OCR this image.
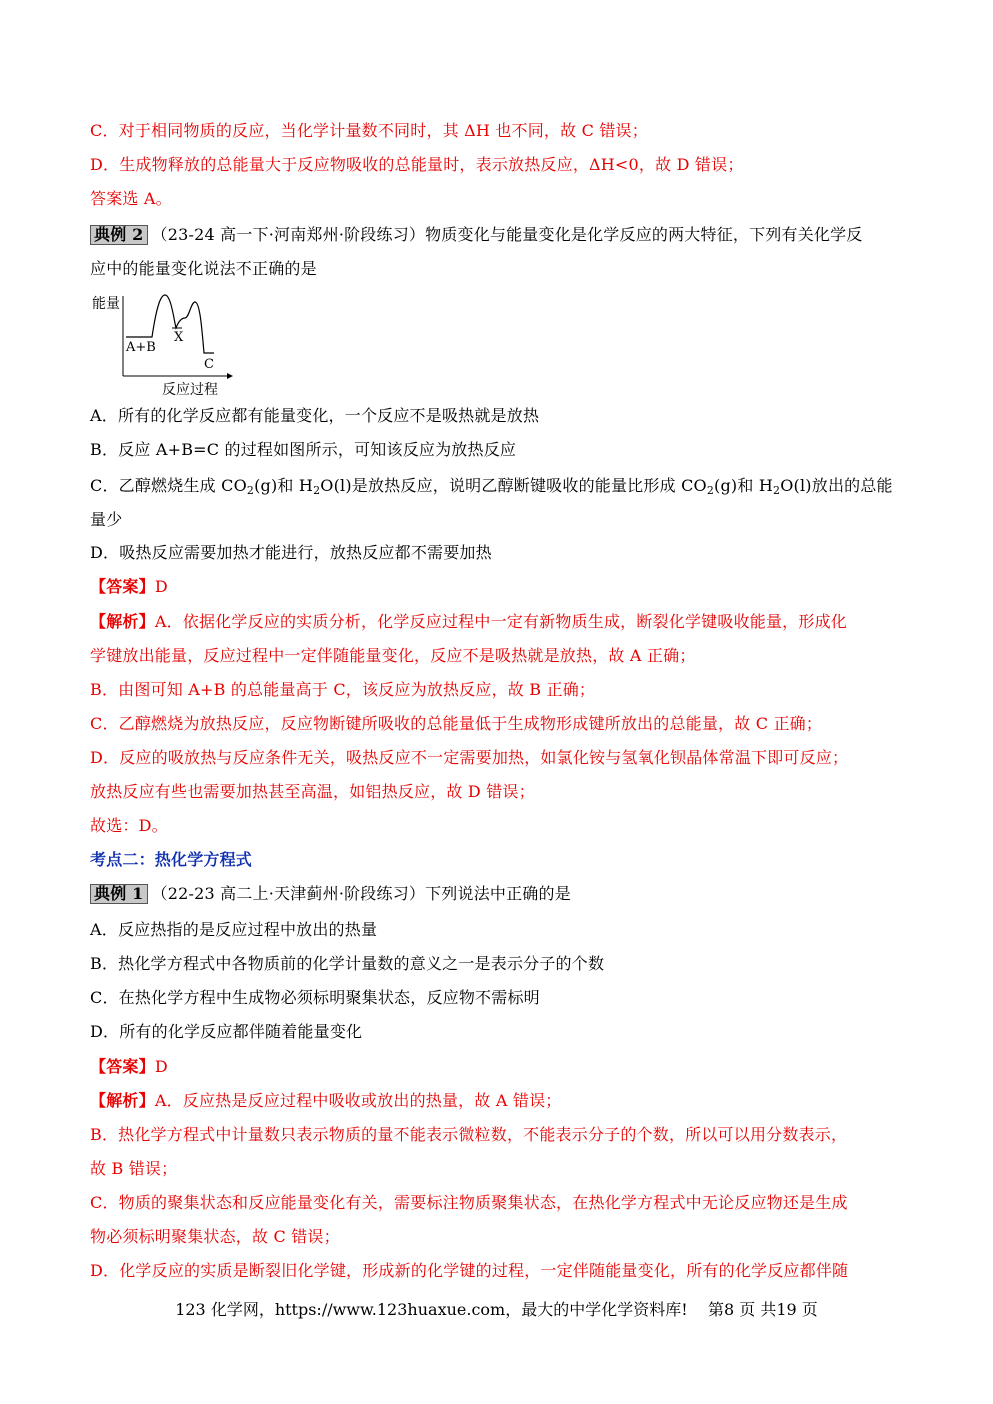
C．对于相同物质的反应，当化学计量数不同时，其 ΔH 也不同，故 C 错误；
D．生成物释放的总能量大于反应物吸收的总能量时，表示放热反应，ΔH<0，故 D 错误；
答案选 A。
典例 2 （23-24 高一下·河南郑州·阶段练习）物质变化与能量变化是化学反应的两大特征，下列有关化学反
应中的能量变化说法不正确的是
能量
A+B
X
C
反应过程
A．所有的化学反应都有能量变化，一个反应不是吸热就是放热
B．反应 A+B=C 的过程如图所示，可知该反应为放热反应
C．乙醇燃烧生成 $CO_2(g)$和 $H_2O(l)$是放热反应，说明乙醇断键吸收的能量比形成 $CO_2(g)$和 $H_2O(l)$放出的总能
量少
D．吸热反应需要加热才能进行，放热反应都不需要加热
【答案】D
【解析】A．依据化学反应的实质分析，化学反应过程中一定有新物质生成，断裂化学键吸收能量，形成化
学键放出能量，反应过程中一定伴随能量变化，反应不是吸热就是放热，故 A 正确；
B．由图可知 A+B 的总能量高于 C，该反应为放热反应，故 B 正确；
C．乙醇燃烧为放热反应，反应物断键所吸收的总能量低于生成物形成键所放出的总能量，故 C 正确；
D．反应的吸放热与反应条件无关，吸热反应不一定需要加热，如氯化铵与氢氧化钡晶体常温下即可反应；
放热反应有些也需要加热甚至高温，如铝热反应，故 D 错误；
故选：D。
考点二：热化学方程式
典例 1 （22-23 高二上·天津蓟州·阶段练习）下列说法中正确的是
A．反应热指的是反应过程中放出的热量
B．热化学方程式中各物质前的化学计量数的意义之一是表示分子的个数
C．在热化学方程中生成物必须标明聚集状态，反应物不需标明
D．所有的化学反应都伴随着能量变化
【答案】D
【解析】A．反应热是反应过程中吸收或放出的热量，故 A 错误；
B．热化学方程式中计量数只表示物质的量不能表示微粒数，不能表示分子的个数，所以可以用分数表示，
故 B 错误；
C．物质的聚集状态和反应能量变化有关，需要标注物质聚集状态，在热化学方程式中无论反应物还是生成
物必须标明聚集状态，故 C 错误；
D．化学反应的实质是断裂旧化学键，形成新的化学键的过程，一定伴随能量变化，所有的化学反应都伴随
123 化学网，https://www.123huaxue.com，最大的中学化学资料库! 第8 页 共19 页
